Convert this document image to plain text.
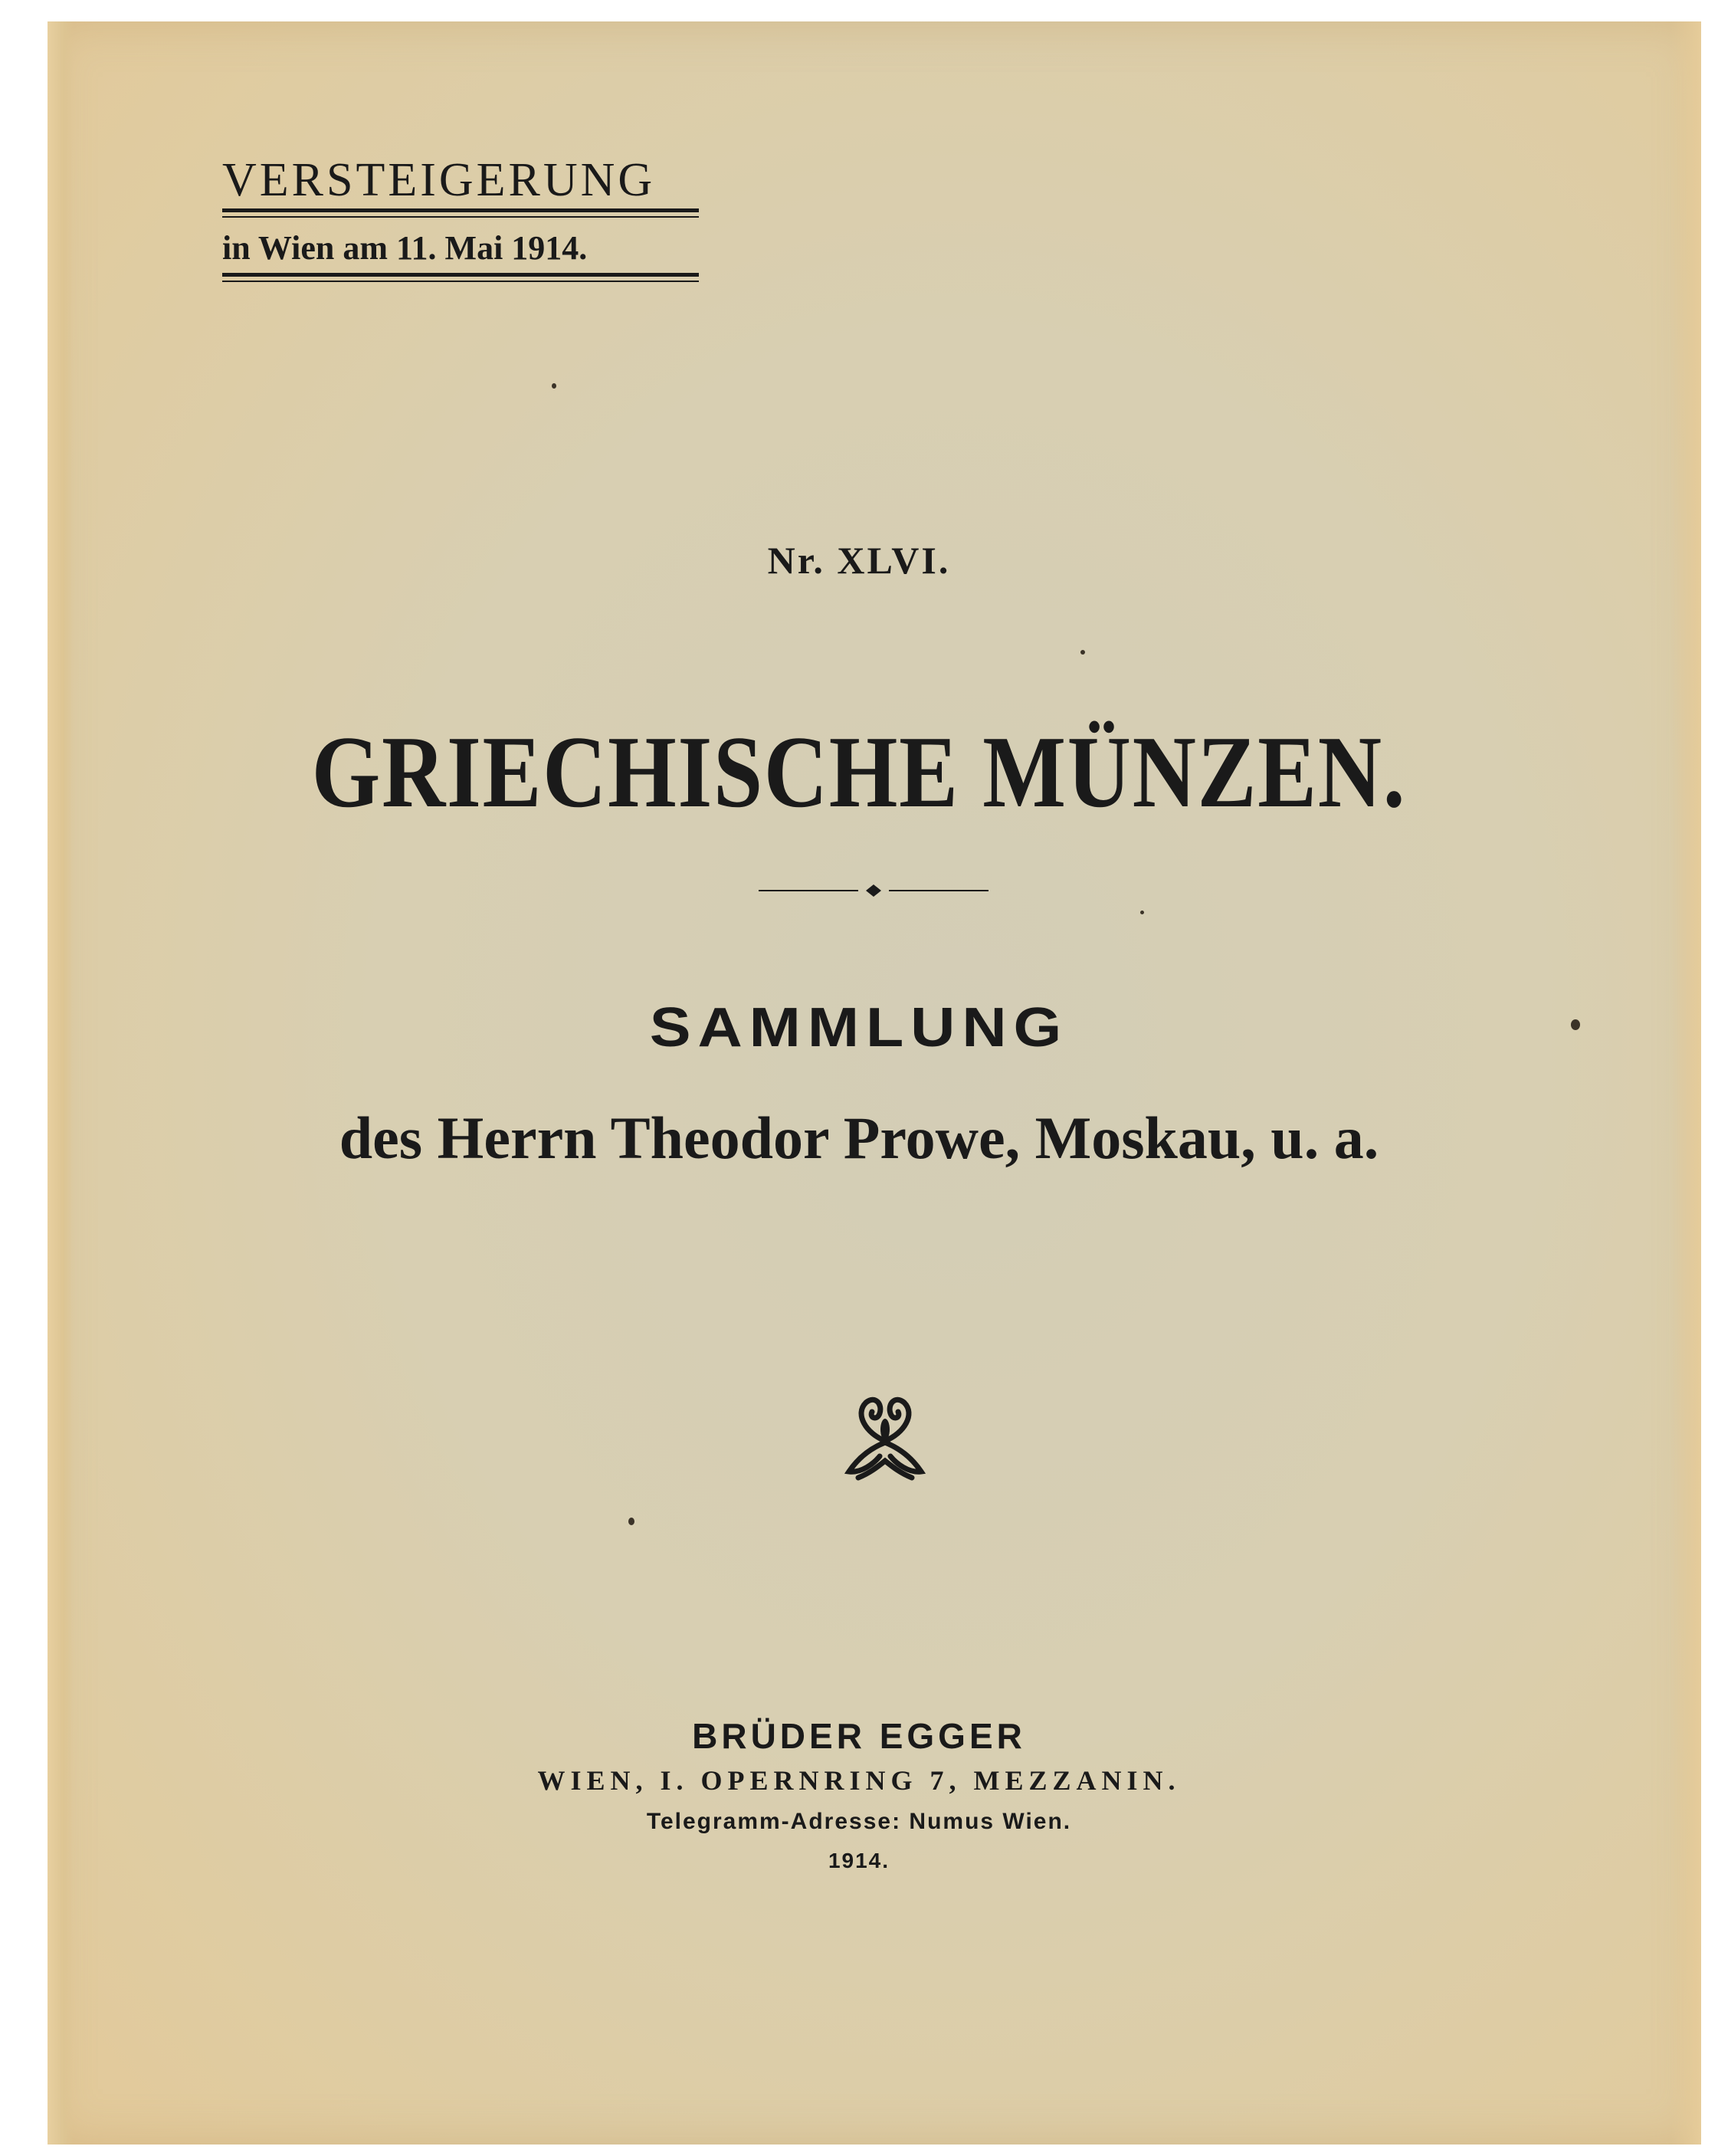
VERSTEIGERUNG
in Wien am 11. Mai 1914.
Nr. XLVI.
GRIECHISCHE MÜNZEN.
SAMMLUNG
des Herrn Theodor Prowe, Moskau, u. a.
BRÜDER EGGER
WIEN, I. OPERNRING 7, MEZZANIN.
Telegramm-Adresse: Numus Wien.
1914.
